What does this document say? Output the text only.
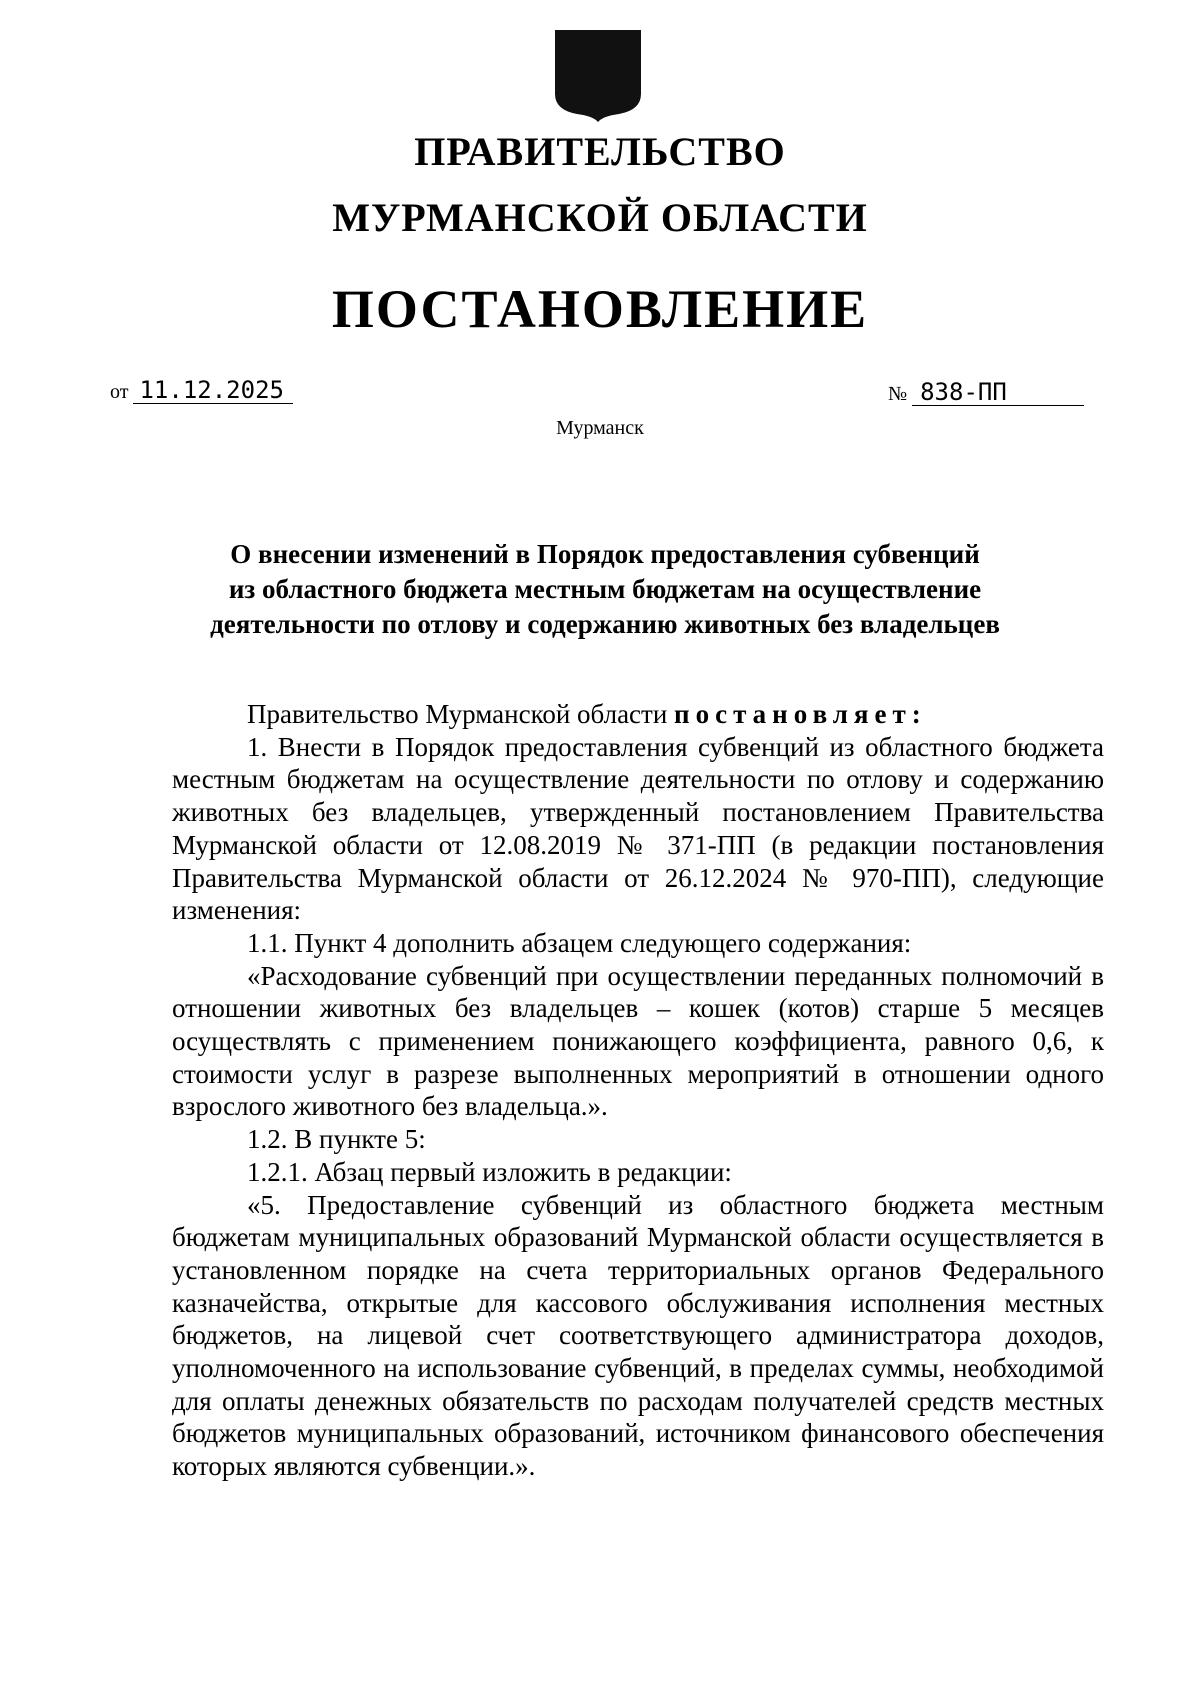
ПРАВИТЕЛЬСТВО
МУРМАНСКОЙ ОБЛАСТИ
ПОСТАНОВЛЕНИЕ
от 11.12.2025	№ 838-ПП
Мурманск
О внесении изменений в Порядок предоставления субвенций
из областного бюджета местным бюджетам на осуществление
деятельности по отлову и содержанию животных без владельцев

Правительство Мурманской области постановляет:

1. Внести в Порядок предоставления субвенций из областного бюджета местным бюджетам на осуществление деятельности по отлову и содержанию животных без владельцев, утвержденный постановлением Правительства Мурманской области от 12.08.2019 № 371-ПП (в редакции постановления Правительства Мурманской области от 26.12.2024 № 970-ПП), следующие изменения:

1.1. Пункт 4 дополнить абзацем следующего содержания:

«Расходование субвенций при осуществлении переданных полномочий в отношении животных без владельцев – кошек (котов) старше 5 месяцев осуществлять с применением понижающего коэффициента, равного 0,6, к стоимости услуг в разрезе выполненных мероприятий в отношении одного взрослого животного без владельца.».

1.2. В пункте 5:

1.2.1. Абзац первый изложить в редакции:

«5. Предоставление субвенций из областного бюджета местным бюджетам муниципальных образований Мурманской области осуществляется в установленном порядке на счета территориальных органов Федерального казначейства, открытые для кассового обслуживания исполнения местных бюджетов, на лицевой счет соответствующего администратора доходов, уполномоченного на использование субвенций, в пределах суммы, необходимой для оплаты денежных обязательств по расходам получателей средств местных бюджетов муниципальных образований, источником финансового обеспечения которых являются субвенции.».
